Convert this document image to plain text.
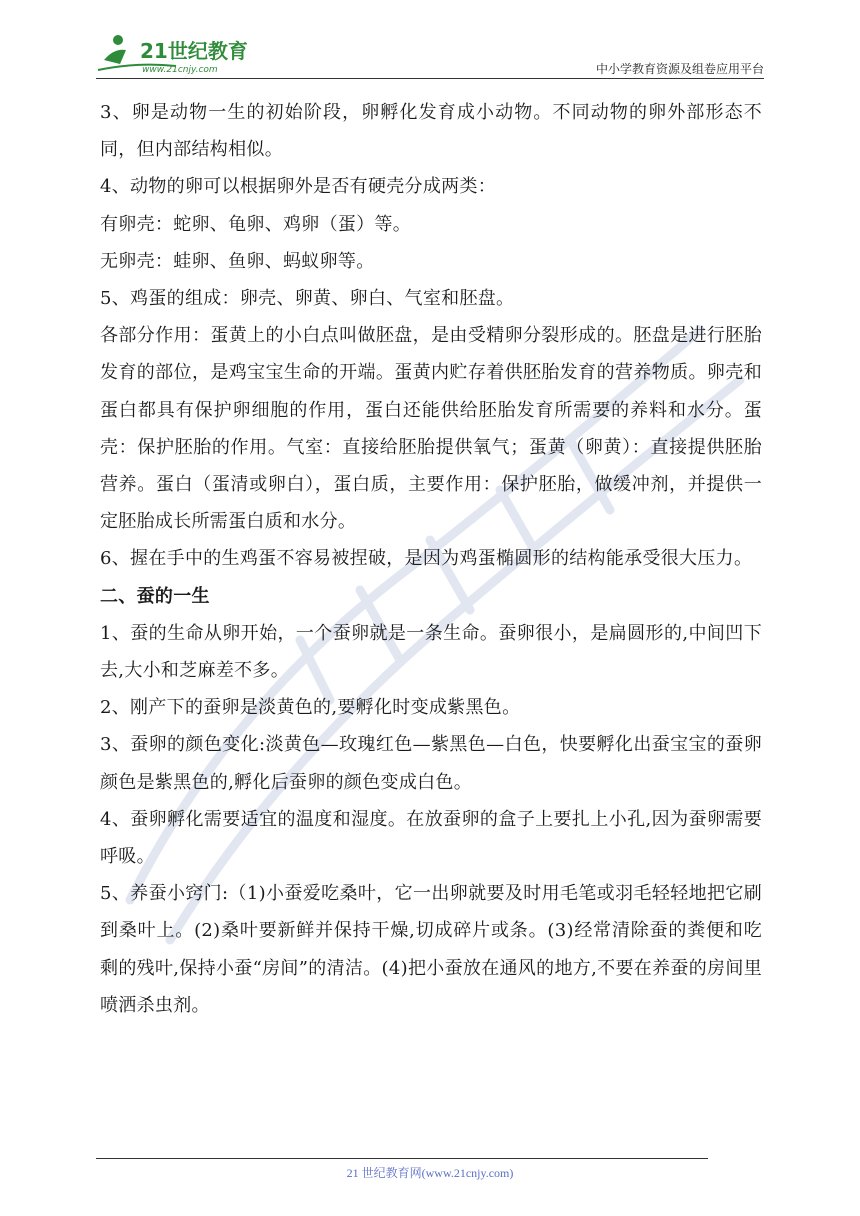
21世纪教育
www.21cnjy.com	中小学教育资源及组卷应用平台

3、卵是动物一生的初始阶段，卵孵化发育成小动物。不同动物的卵外部形态不同，但内部结构相似。

4、动物的卵可以根据卵外是否有硬壳分成两类：

有卵壳：蛇卵、龟卵、鸡卵（蛋）等。

无卵壳：蛙卵、鱼卵、蚂蚁卵等。

5、鸡蛋的组成：卵壳、卵黄、卵白、气室和胚盘。

各部分作用：蛋黄上的小白点叫做胚盘，是由受精卵分裂形成的。胚盘是进行胚胎发育的部位，是鸡宝宝生命的开端。蛋黄内贮存着供胚胎发育的营养物质。卵壳和蛋白都具有保护卵细胞的作用，蛋白还能供给胚胎发育所需要的养料和水分。蛋壳：保护胚胎的作用。气室：直接给胚胎提供氧气；蛋黄（卵黄）：直接提供胚胎营养。蛋白（蛋清或卵白），蛋白质，主要作用：保护胚胎，做缓冲剂，并提供一定胚胎成长所需蛋白质和水分。

6、握在手中的生鸡蛋不容易被捏破，是因为鸡蛋椭圆形的结构能承受很大压力。

二、蚕的一生

1、蚕的生命从卵开始，一个蚕卵就是一条生命。蚕卵很小，是扁圆形的,中间凹下去,大小和芝麻差不多。

2、刚产下的蚕卵是淡黄色的,要孵化时变成紫黑色。

3、蚕卵的颜色变化:淡黄色—玫瑰红色—紫黑色—白色，快要孵化出蚕宝宝的蚕卵颜色是紫黑色的,孵化后蚕卵的颜色变成白色。

4、蚕卵孵化需要适宜的温度和湿度。在放蚕卵的盒子上要扎上小孔,因为蚕卵需要呼吸。

5、养蚕小窍门:（1)小蚕爱吃桑叶，它一出卵就要及时用毛笔或羽毛轻轻地把它刷到桑叶上。(2)桑叶要新鲜并保持干燥,切成碎片或条。(3)经常清除蚕的粪便和吃剩的残叶,保持小蚕“房间”的清洁。(4)把小蚕放在通风的地方,不要在养蚕的房间里喷洒杀虫剂。

21 世纪教育网(www.21cnjy.com)
